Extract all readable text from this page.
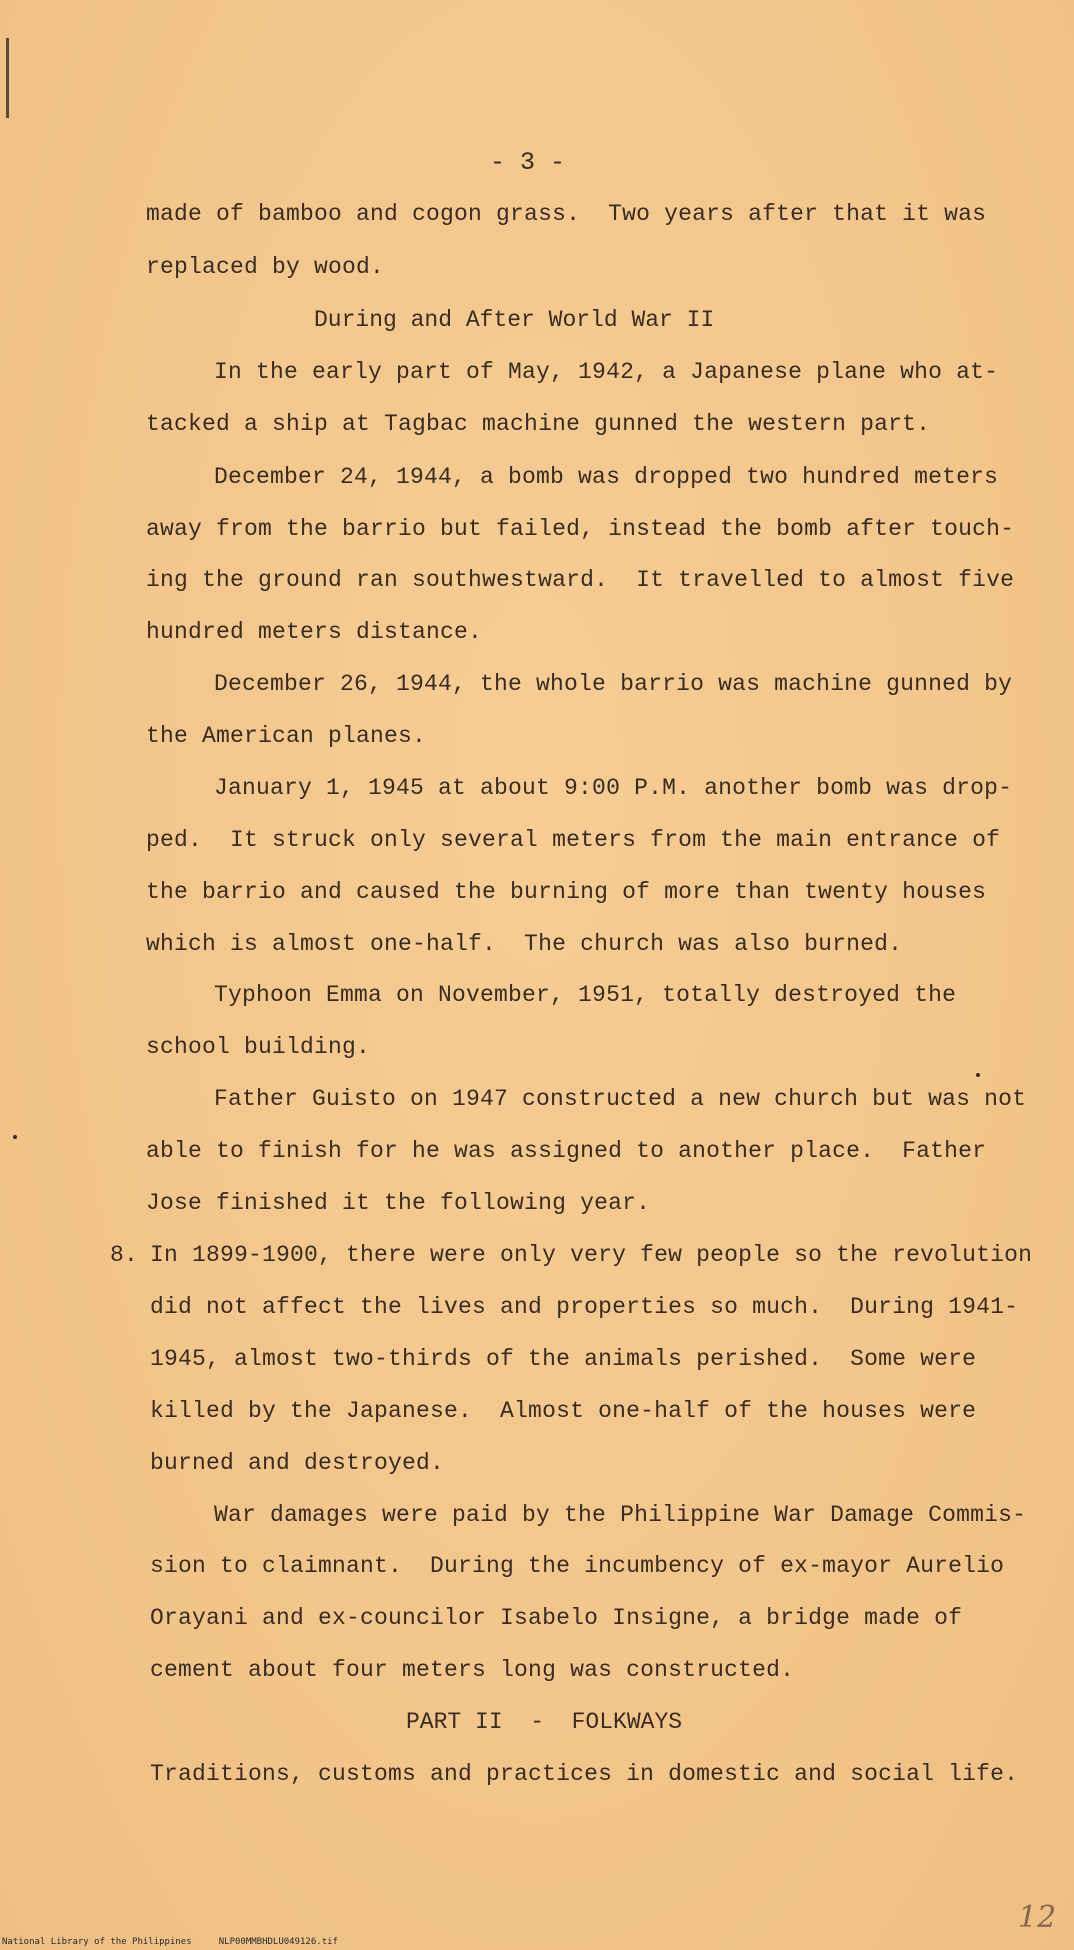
- 3 -
made of bamboo and cogon grass.  Two years after that it was
replaced by wood.
During and After World War II
In the early part of May, 1942, a Japanese plane who at-
tacked a ship at Tagbac machine gunned the western part.
December 24, 1944, a bomb was dropped two hundred meters
away from the barrio but failed, instead the bomb after touch-
ing the ground ran southwestward.  It travelled to almost five
hundred meters distance.
December 26, 1944, the whole barrio was machine gunned by
the American planes.
January 1, 1945 at about 9:00 P.M. another bomb was drop-
ped.  It struck only several meters from the main entrance of
the barrio and caused the burning of more than twenty houses
which is almost one-half.  The church was also burned.
Typhoon Emma on November, 1951, totally destroyed the
school building.
Father Guisto on 1947 constructed a new church but was not
able to finish for he was assigned to another place.  Father
Jose finished it the following year.
8. In 1899-1900, there were only very few people so the revolution
did not affect the lives and properties so much.  During 1941-
1945, almost two-thirds of the animals perished.  Some were
killed by the Japanese.  Almost one-half of the houses were
burned and destroyed.
War damages were paid by the Philippine War Damage Commis-
sion to claimnant.  During the incumbency of ex-mayor Aurelio
Orayani and ex-councilor Isabelo Insigne, a bridge made of
cement about four meters long was constructed.
PART II  -  FOLKWAYS
Traditions, customs and practices in domestic and social life.
12
National Library of the Philippines     NLP00MMBHDLU049126.tif
